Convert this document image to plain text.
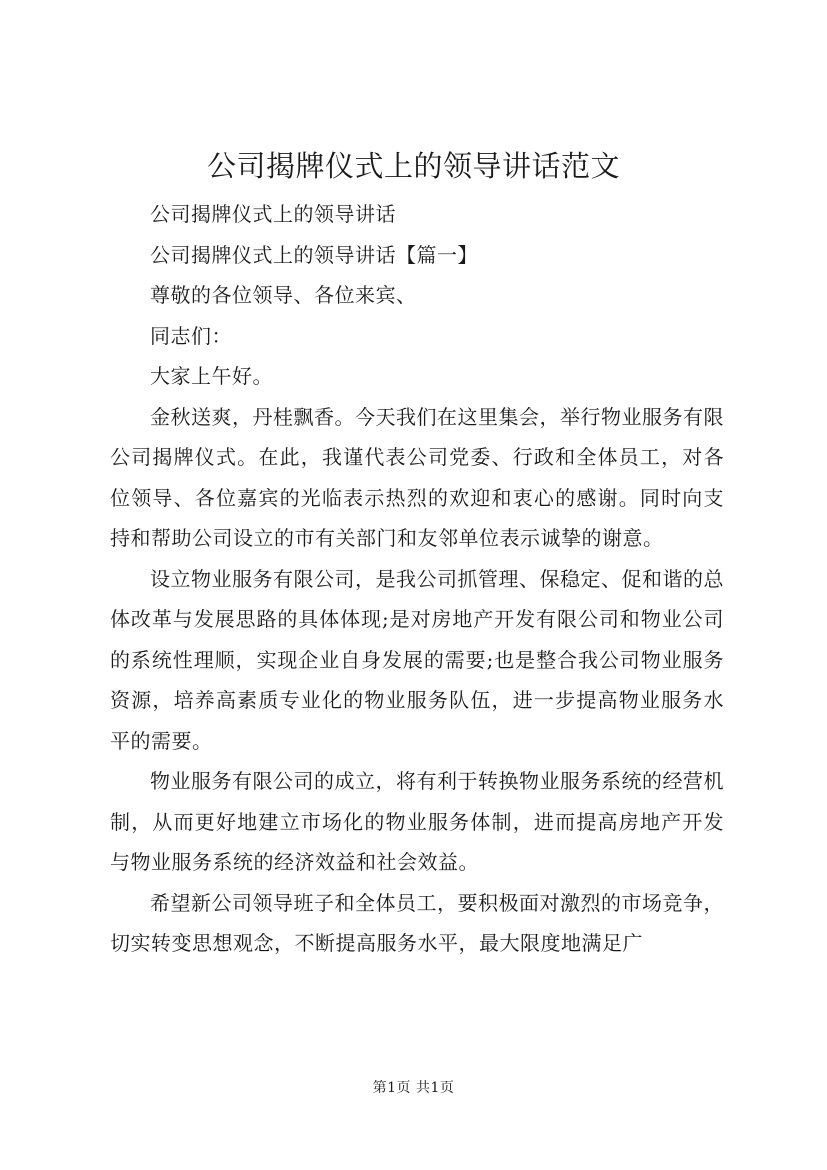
公司揭牌仪式上的领导讲话范文

公司揭牌仪式上的领导讲话

公司揭牌仪式上的领导讲话【篇一】

尊敬的各位领导、各位来宾、

同志们：

大家上午好。

金秋送爽，丹桂飘香。今天我们在这里集会，举行物业服务有限公司揭牌仪式。在此，我谨代表公司党委、行政和全体员工，对各位领导、各位嘉宾的光临表示热烈的欢迎和衷心的感谢。同时向支持和帮助公司设立的市有关部门和友邻单位表示诚挚的谢意。

设立物业服务有限公司，是我公司抓管理、保稳定、促和谐的总体改革与发展思路的具体体现;是对房地产开发有限公司和物业公司的系统性理顺，实现企业自身发展的需要;也是整合我公司物业服务资源，培养高素质专业化的物业服务队伍，进一步提高物业服务水平的需要。

物业服务有限公司的成立，将有利于转换物业服务系统的经营机制，从而更好地建立市场化的物业服务体制，进而提高房地产开发与物业服务系统的经济效益和社会效益。

希望新公司领导班子和全体员工，要积极面对激烈的市场竞争，切实转变思想观念，不断提高服务水平，最大限度地满足广

第1页 共1页
